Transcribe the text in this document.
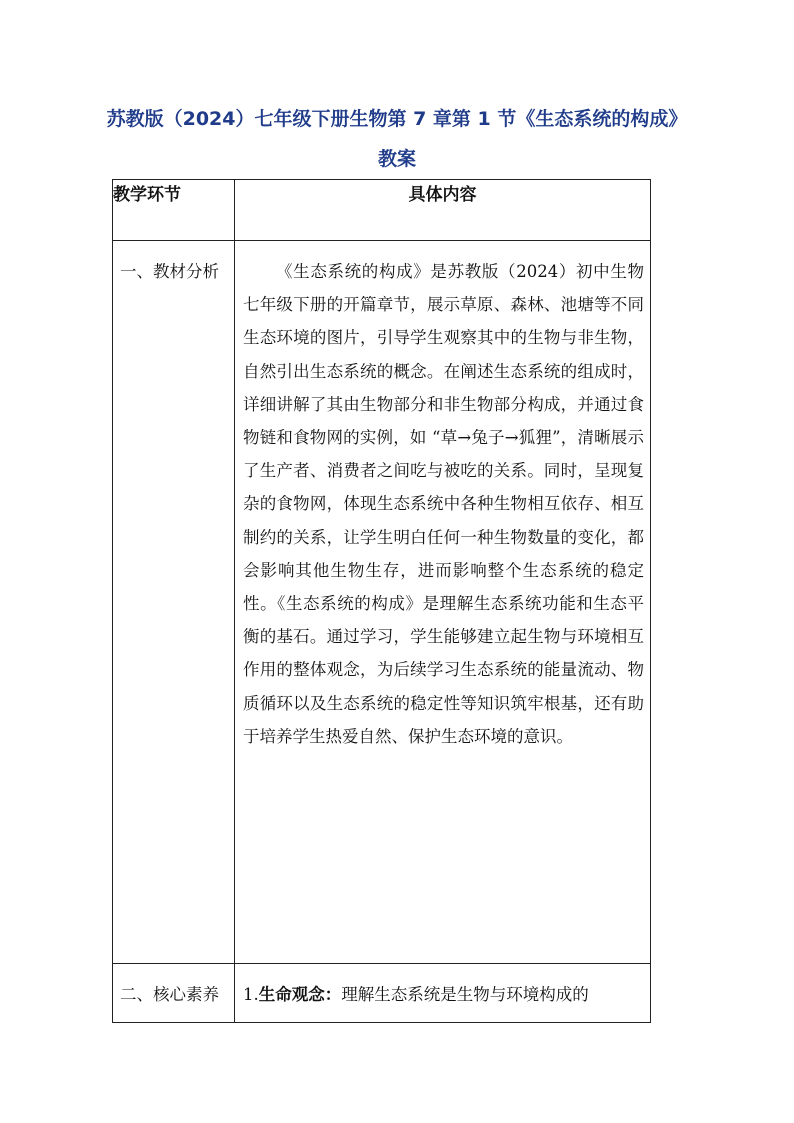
苏教版（2024）七年级下册生物第 7 章第 1 节《生态系统的构成》
教案
教学环节	具体内容

一、教材分析	《生态系统的构成》是苏教版（2024）初中生物七年级下册的开篇章节，展示草原、森林、池塘等不同生态环境的图片，引导学生观察其中的生物与非生物，自然引出生态系统的概念。在阐述生态系统的组成时，详细讲解了其由生物部分和非生物部分构成，并通过食物链和食物网的实例，如 “草→兔子→狐狸”，清晰展示了生产者、消费者之间吃与被吃的关系。同时，呈现复杂的食物网，体现生态系统中各种生物相互依存、相互制约的关系，让学生明白任何一种生物数量的变化，都会影响其他生物生存，进而影响整个生态系统的稳定性。《生态系统的构成》是理解生态系统功能和生态平衡的基石。通过学习，学生能够建立起生物与环境相互作用的整体观念，为后续学习生态系统的能量流动、物质循环以及生态系统的稳定性等知识筑牢根基，还有助于培养学生热爱自然、保护生态环境的意识。

二、核心素养	1.生命观念：理解生态系统是生物与环境构成的
